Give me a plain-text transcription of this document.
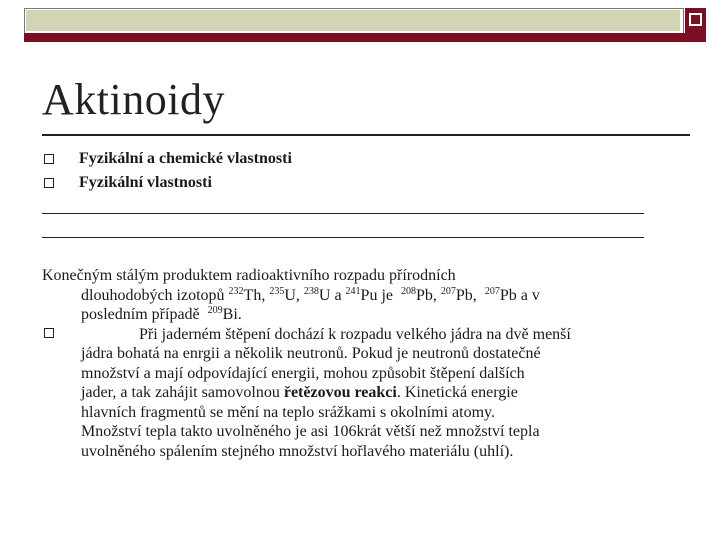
Aktinoidy
Fyzikální a chemické vlastnosti
Fyzikální vlastnosti
Konečným stálým produktem radioaktivního rozpadu přírodních
dlouhodobých izotopů $^{232}$Th, $^{235}$U, $^{238}$U a $^{241}$Pu je  $^{208}$Pb, $^{207}$Pb,  $^{207}$Pb a v
posledním případě  $^{209}$Bi.
Při jaderném štěpení dochází k rozpadu velkého jádra na dvě menší
jádra bohatá na enrgii a několik neutronů. Pokud je neutronů dostatečné
množství a mají odpovídající energii, mohou způsobit štěpení dalších
jader, a tak zahájit samovolnou řetězovou reakci. Kinetická energie
hlavních fragmentů se mění na teplo srážkami s okolními atomy.
Množství tepla takto uvolněného je asi 106krát větší než množství tepla
uvolněného spálením stejného množství hořlavého materiálu (uhlí).
